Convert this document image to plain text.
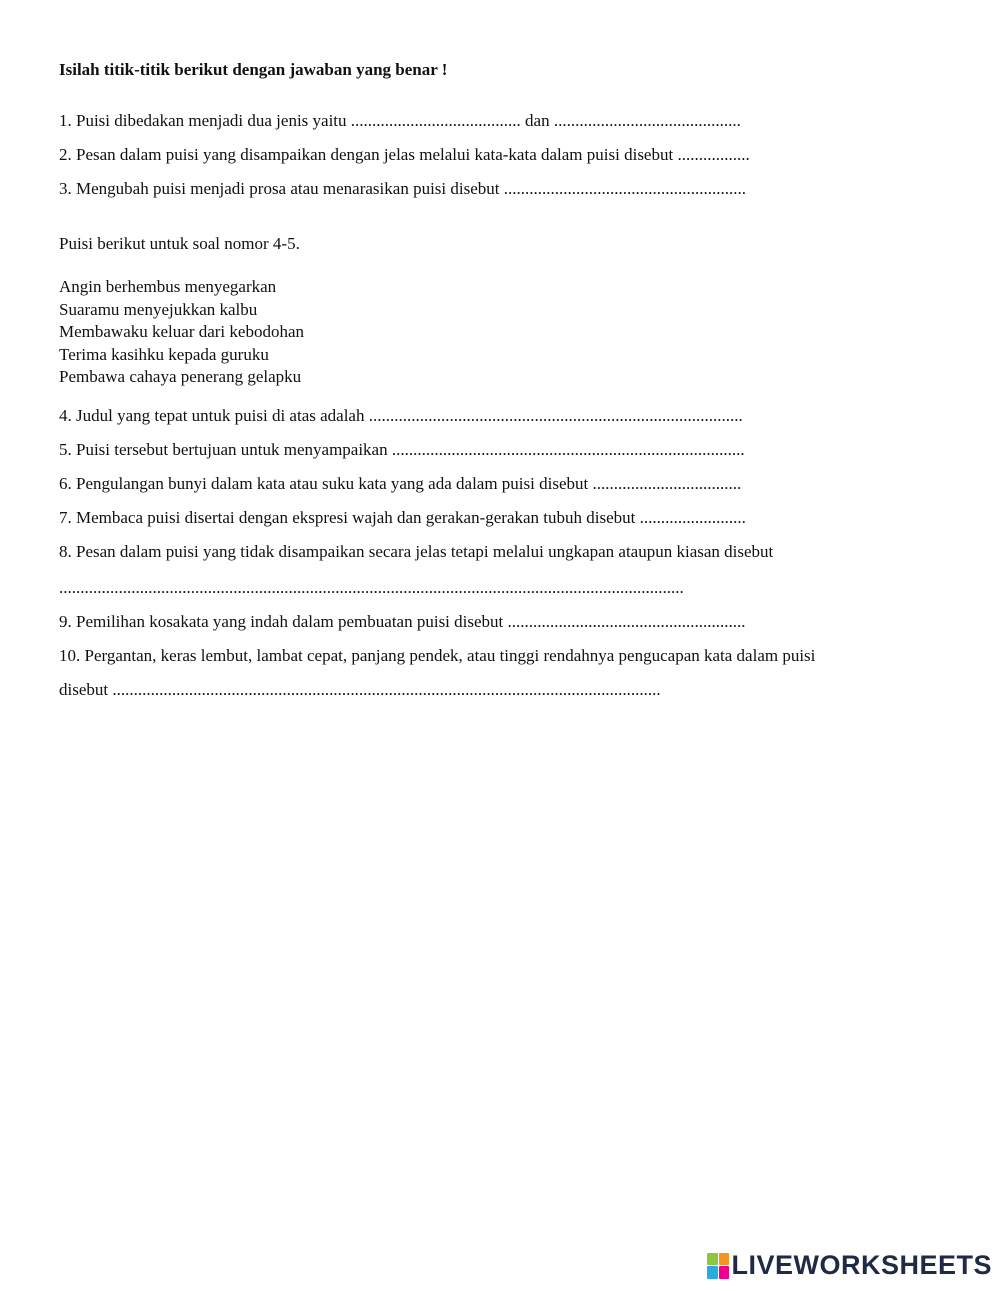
Isilah titik-titik berikut dengan jawaban yang benar !
1. Puisi dibedakan menjadi dua jenis yaitu ........................................ dan ............................................
2. Pesan dalam puisi yang disampaikan dengan jelas melalui kata-kata dalam puisi disebut .................
3. Mengubah puisi menjadi prosa atau menarasikan puisi disebut .........................................................
Puisi berikut untuk soal nomor 4-5.
Angin berhembus menyegarkan
Suaramu menyejukkan kalbu
Membawaku keluar dari kebodohan
Terima kasihku kepada guruku
Pembawa cahaya penerang gelapku
4. Judul yang tepat untuk puisi di atas adalah ........................................................................................
5. Puisi tersebut bertujuan untuk menyampaikan ...................................................................................
6. Pengulangan bunyi dalam kata atau suku kata yang ada dalam puisi disebut ...................................
7. Membaca puisi disertai dengan ekspresi wajah dan gerakan-gerakan tubuh disebut .........................
8. Pesan dalam puisi yang tidak disampaikan secara jelas tetapi melalui ungkapan ataupun kiasan disebut
...................................................................................................................................................
9. Pemilihan kosakata yang indah dalam pembuatan puisi disebut ........................................................
10. Pergantan, keras lembut, lambat cepat, panjang pendek, atau tinggi rendahnya pengucapan kata dalam puisi
disebut .................................................................................................................................
LIVEWORKSHEETS
